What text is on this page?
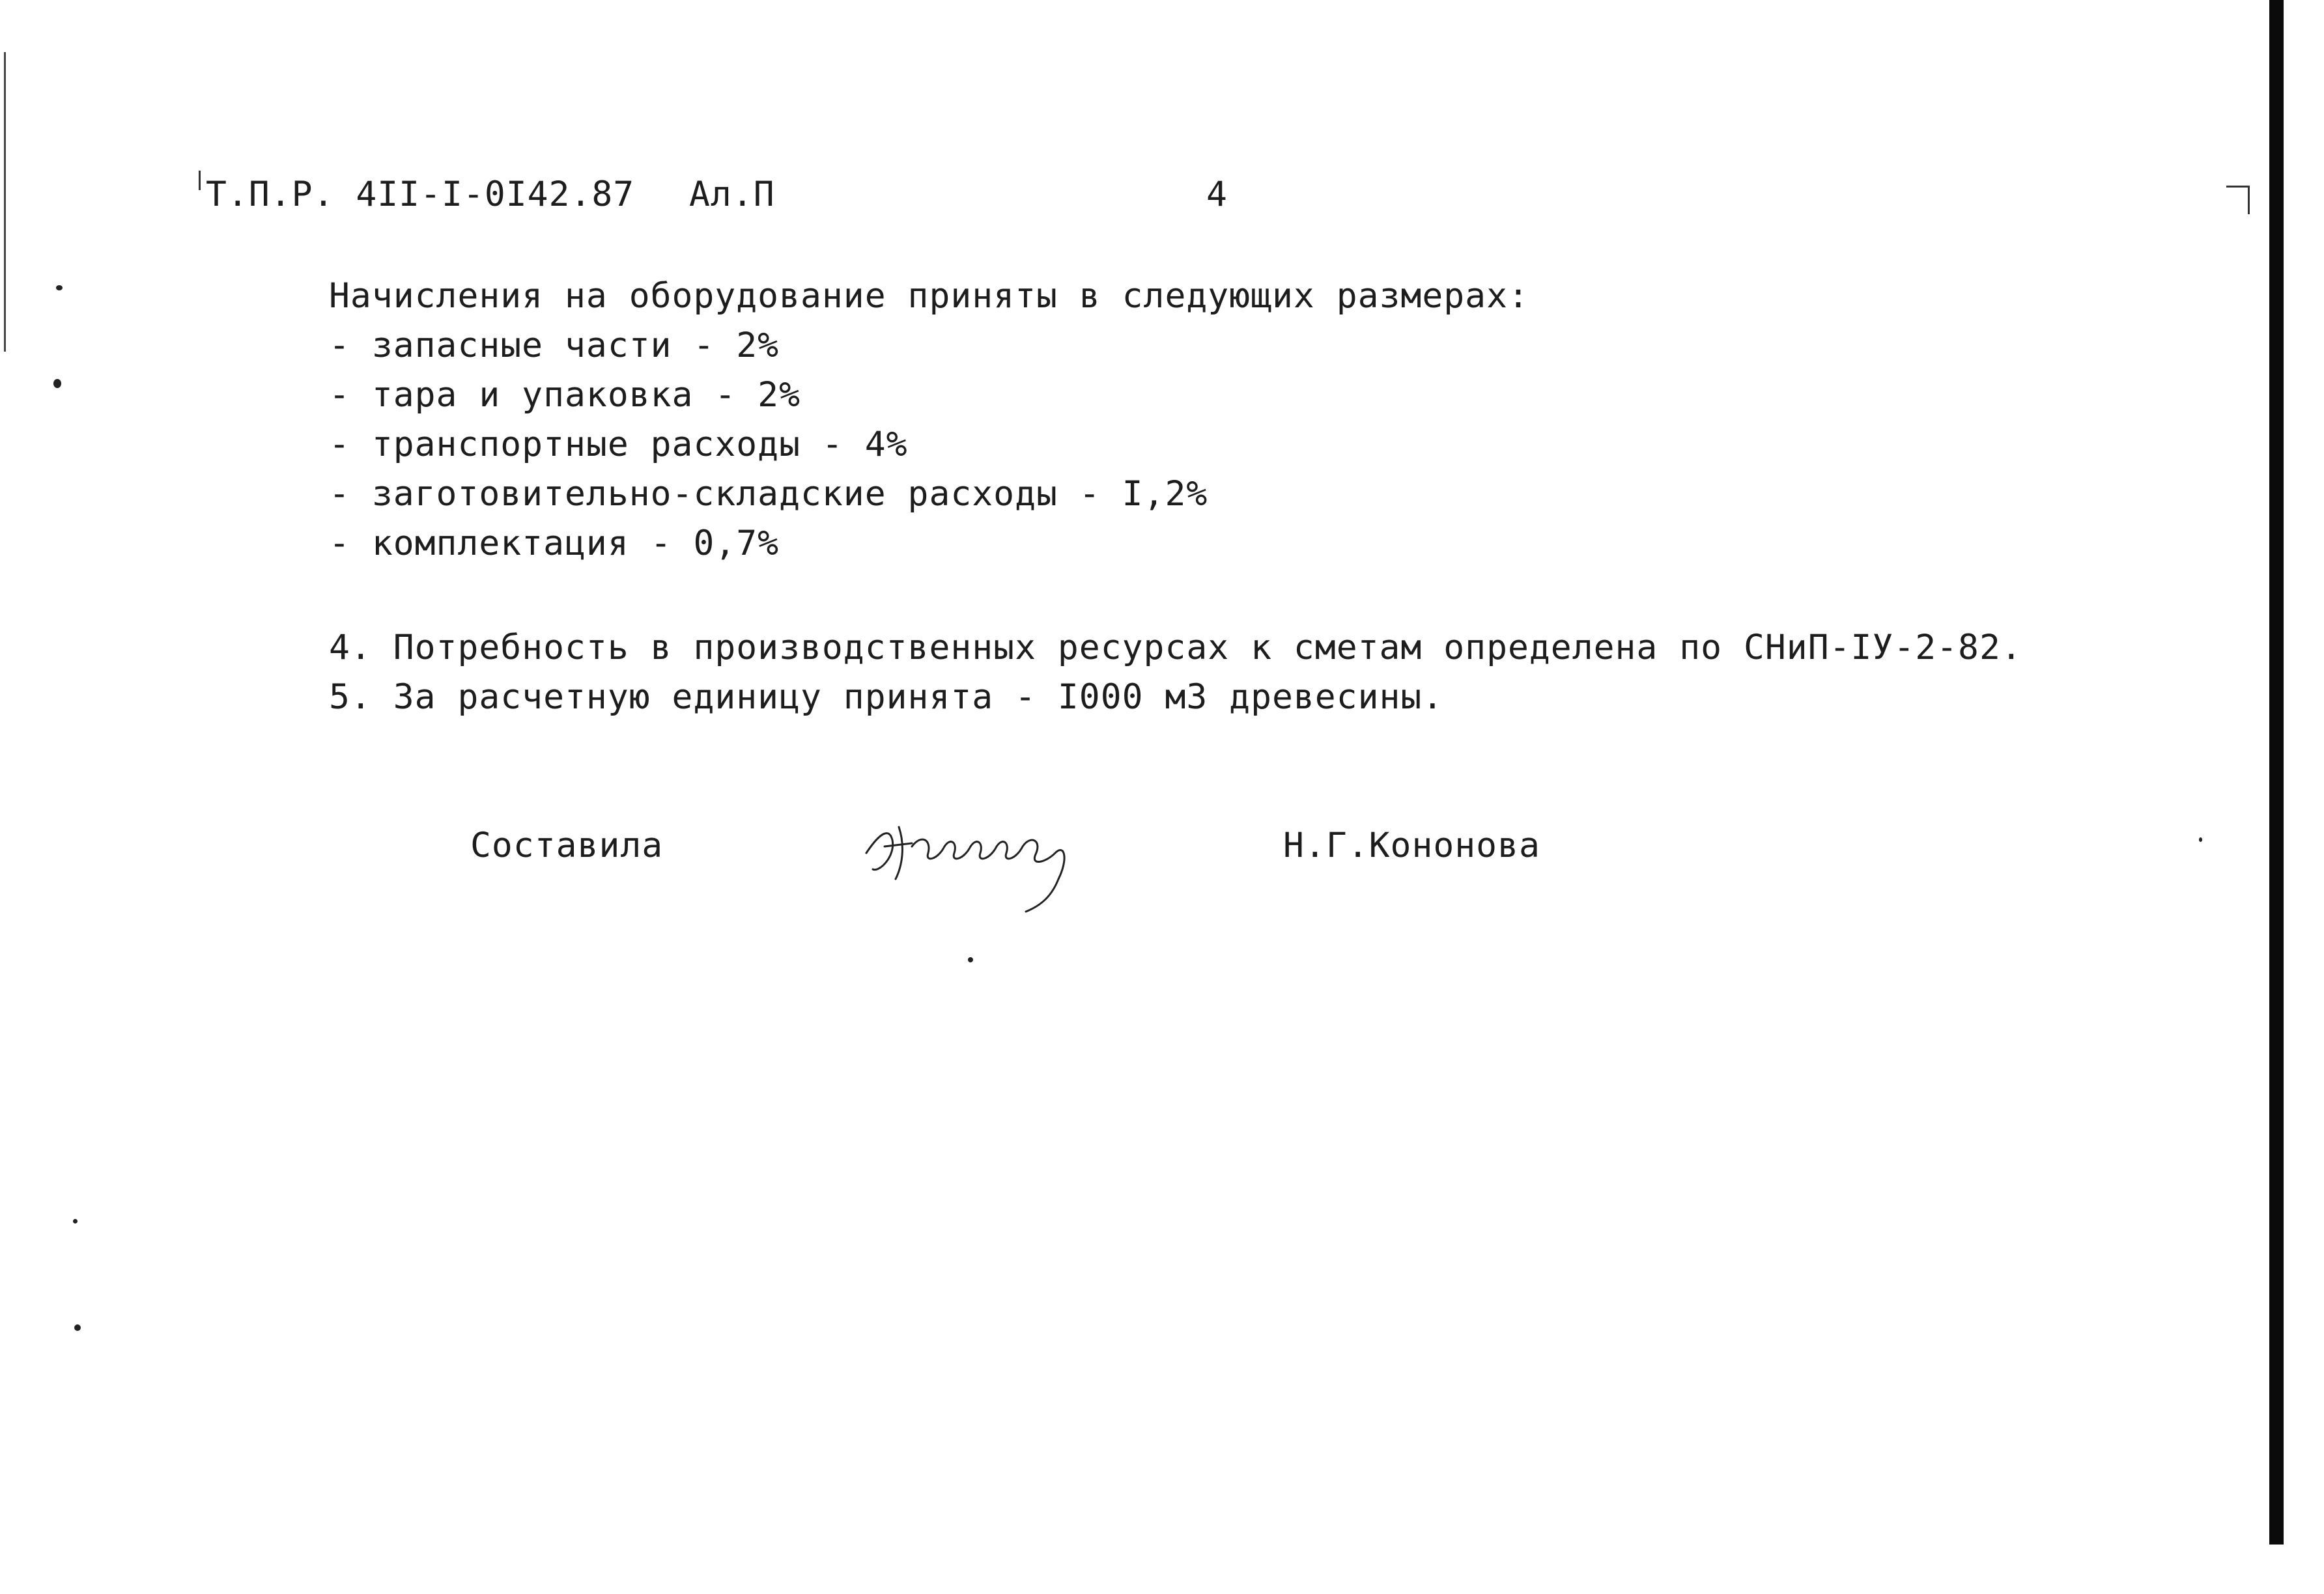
Т.П.Р. 4II-I-0I42.87 Ал.П	4
Начисления на оборудование приняты в следующих размерах:
- запасные части - 2%
- тара и упаковка - 2%
- транспортные расходы - 4%
- заготовительно-складские расходы - I,2%
- комплектация - 0,7%
4. Потребность в производственных ресурсах к сметам определена по СНиП-IУ-2-82.
5. За расчетную единицу принята - I000 м3 древесины.
Составила	Н.Г.Кононова
